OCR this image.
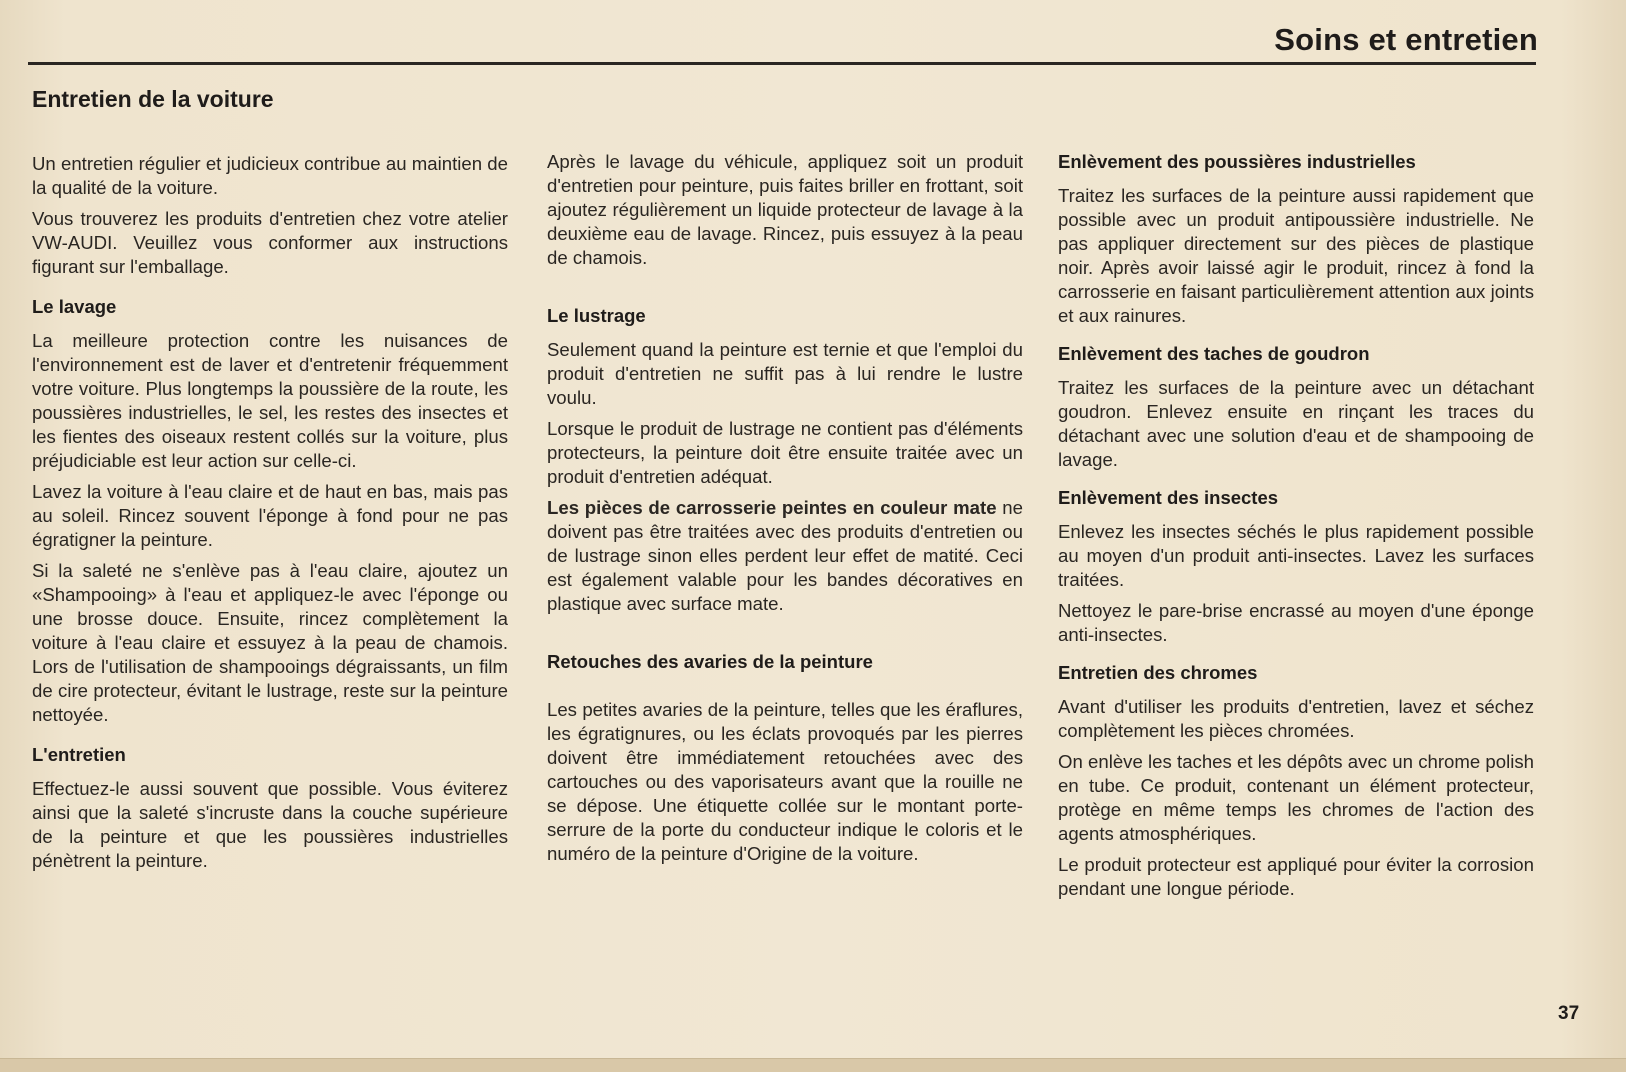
Soins et entretien
Entretien de la voiture

Un entretien régulier et judicieux contribue au maintien de la qualité de la voiture.

Vous trouverez les produits d'entretien chez votre atelier VW-AUDI. Veuillez vous conformer aux instructions figurant sur l'emballage.

Le lavage

La meilleure protection contre les nuisances de l'environnement est de laver et d'entretenir fréquemment votre voiture. Plus longtemps la poussière de la route, les poussières industrielles, le sel, les restes des insectes et les fientes des oiseaux restent collés sur la voiture, plus préjudiciable est leur action sur celle-ci.

Lavez la voiture à l'eau claire et de haut en bas, mais pas au soleil. Rincez souvent l'éponge à fond pour ne pas égratigner la peinture.

Si la saleté ne s'enlève pas à l'eau claire, ajoutez un «Shampooing» à l'eau et appliquez-le avec l'éponge ou une brosse douce. Ensuite, rincez complètement la voiture à l'eau claire et essuyez à la peau de chamois. Lors de l'utilisation de shampooings dégraissants, un film de cire protecteur, évitant le lustrage, reste sur la peinture nettoyée.

L'entretien

Effectuez-le aussi souvent que possible. Vous éviterez ainsi que la saleté s'incruste dans la couche supérieure de la peinture et que les poussières industrielles pénètrent la peinture.

Après le lavage du véhicule, appliquez soit un produit d'entretien pour peinture, puis faites briller en frottant, soit ajoutez régulièrement un liquide protecteur de lavage à la deuxième eau de lavage. Rincez, puis essuyez à la peau de chamois.

Le lustrage

Seulement quand la peinture est ternie et que l'emploi du produit d'entretien ne suffit pas à lui rendre le lustre voulu.

Lorsque le produit de lustrage ne contient pas d'éléments protecteurs, la peinture doit être ensuite traitée avec un produit d'entretien adéquat.

Les pièces de carrosserie peintes en couleur mate ne doivent pas être traitées avec des produits d'entretien ou de lustrage sinon elles perdent leur effet de matité. Ceci est également valable pour les bandes décoratives en plastique avec surface mate.

Retouches des avaries de la peinture

Les petites avaries de la peinture, telles que les éraflures, les égratignures, ou les éclats provoqués par les pierres doivent être immédiatement retouchées avec des cartouches ou des vaporisateurs avant que la rouille ne se dépose. Une étiquette collée sur le montant porte-serrure de la porte du conducteur indique le coloris et le numéro de la peinture d'Origine de la voiture.

Enlèvement des poussières industrielles

Traitez les surfaces de la peinture aussi rapidement que possible avec un produit antipoussière industrielle. Ne pas appliquer directement sur des pièces de plastique noir. Après avoir laissé agir le produit, rincez à fond la carrosserie en faisant particulièrement attention aux joints et aux rainures.

Enlèvement des taches de goudron

Traitez les surfaces de la peinture avec un détachant goudron. Enlevez ensuite en rinçant les traces du détachant avec une solution d'eau et de shampooing de lavage.

Enlèvement des insectes

Enlevez les insectes séchés le plus rapidement possible au moyen d'un produit anti-insectes. Lavez les surfaces traitées.

Nettoyez le pare-brise encrassé au moyen d'une éponge anti-insectes.

Entretien des chromes

Avant d'utiliser les produits d'entretien, lavez et séchez complètement les pièces chromées.

On enlève les taches et les dépôts avec un chrome polish en tube. Ce produit, contenant un élément protecteur, protège en même temps les chromes de l'action des agents atmosphériques.

Le produit protecteur est appliqué pour éviter la corrosion pendant une longue période.

37
